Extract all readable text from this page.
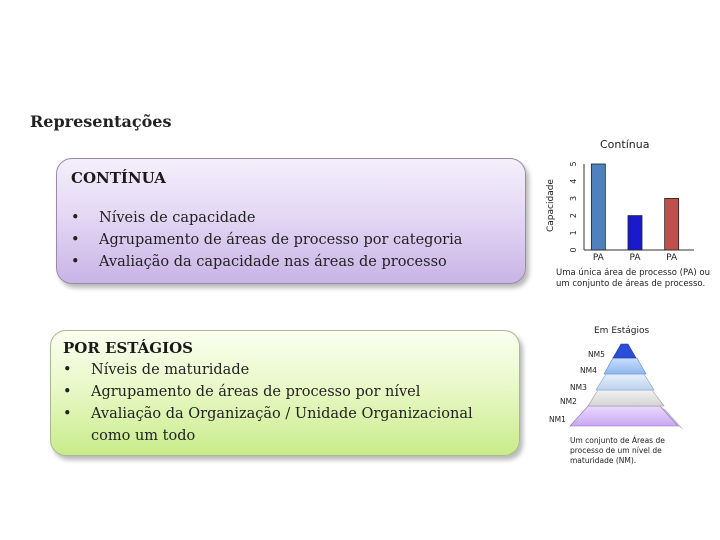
Representações
CONTÍNUA
• Níveis de capacidade
• Agrupamento de áreas de processo por categoria
• Avaliação da capacidade nas áreas de processo
POR ESTÁGIOS
• Níveis de maturidade
• Agrupamento de áreas de processo por nível
• Avaliação da Organização / Unidade Organizacional como um todo
Contínua
Capacidade
0
1
2
3
4
5
PA	PA	PA
Uma única área de processo (PA) ou
um conjunto de áreas de processo.
Em Estágios
NM5
NM4
NM3
NM2
NM1
Um conjunto de Áreas de
processo de um nível de
maturidade (NM).
